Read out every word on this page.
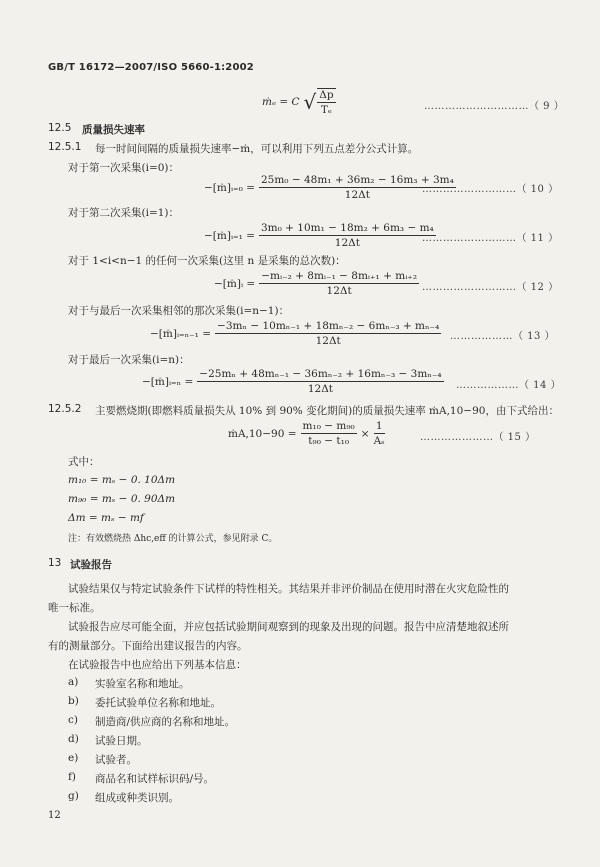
GB/T 16172—2007/ISO 5660-1:2002
ṁₑ = C √ $\frac{\Delta p}{\text{Tₑ}}$	…………………………（ 9 ）
12.5 质量损失速率
12.5.1 每一时间间隔的质量损失速率−ṁ，可以利用下列五点差分公式计算。
对于第一次采集(i=0)：
−[ṁ]ᵢ₌₀ = $\frac{\text{25m₀ − 48m₁ + 36m₂ − 16m₃ + 3m₄}}{12\Delta t}$
………………………（ 10 ）
对于第二次采集(i=1)：
−[ṁ]ᵢ₌₁ = $\frac{\text{3m₀ + 10m₁ − 18m₂ + 6m₃ − m₄}}{12\Delta t}$
………………………（ 11 ）
对于 1<i<n−1 的任何一次采集(这里 n 是采集的总次数)：
−[ṁ]ᵢ = $\frac{\text{−mᵢ₋₂ + 8mᵢ₋₁ − 8mᵢ₊₁ + mᵢ₊₂}}{12\Delta t}$ ………………………（ 12 ）
对于与最后一次采集相邻的那次采集(i=n−1)：
−[ṁ]ᵢ₌ₙ₋₁ = $\frac{\text{−3mₙ − 10mₙ₋₁ + 18mₙ₋₂ − 6mₙ₋₃ + mₙ₋₄}}{12\Delta t}$ ………………（ 13 ）
对于最后一次采集(i=n)：
−[ṁ]ᵢ₌ₙ = $\frac{\text{−25mₙ + 48mₙ₋₁ − 36mₙ₋₂ + 16mₙ₋₃ − 3mₙ₋₄}}{12\Delta t}$ ………………（ 14 ）
12.5.2 主要燃烧期(即燃料质量损失从 10% 到 90% 变化期间)的质量损失速率 ṁA,10−90，由下式给出：
ṁA,10−90 = $\frac{\text{m₁₀ − m₉₀}}{\text{t₉₀ − t₁₀}} \times \frac{1}{\text{Aₛ}}$	…………………（ 15 ）
式中：
m₁₀ = mₛ − 0. 10Δm
m₉₀ = mₛ − 0. 90Δm
Δm = mₛ − mf
注：有效燃烧热 Δhc,eff 的计算公式，参见附录 C。
13 试验报告
试验结果仅与特定试验条件下试样的特性相关。其结果并非评价制品在使用时潜在火灾危险性的
唯一标准。
试验报告应尽可能全面，并应包括试验期间观察到的现象及出现的问题。报告中应清楚地叙述所
有的测量部分。下面给出建议报告的内容。
在试验报告中也应给出下列基本信息：
a) 实验室名称和地址。
b) 委托试验单位名称和地址。
c) 制造商/供应商的名称和地址。
d) 试验日期。
e) 试验者。
f) 商品名和试样标识码/号。
g) 组成或种类识别。
12
